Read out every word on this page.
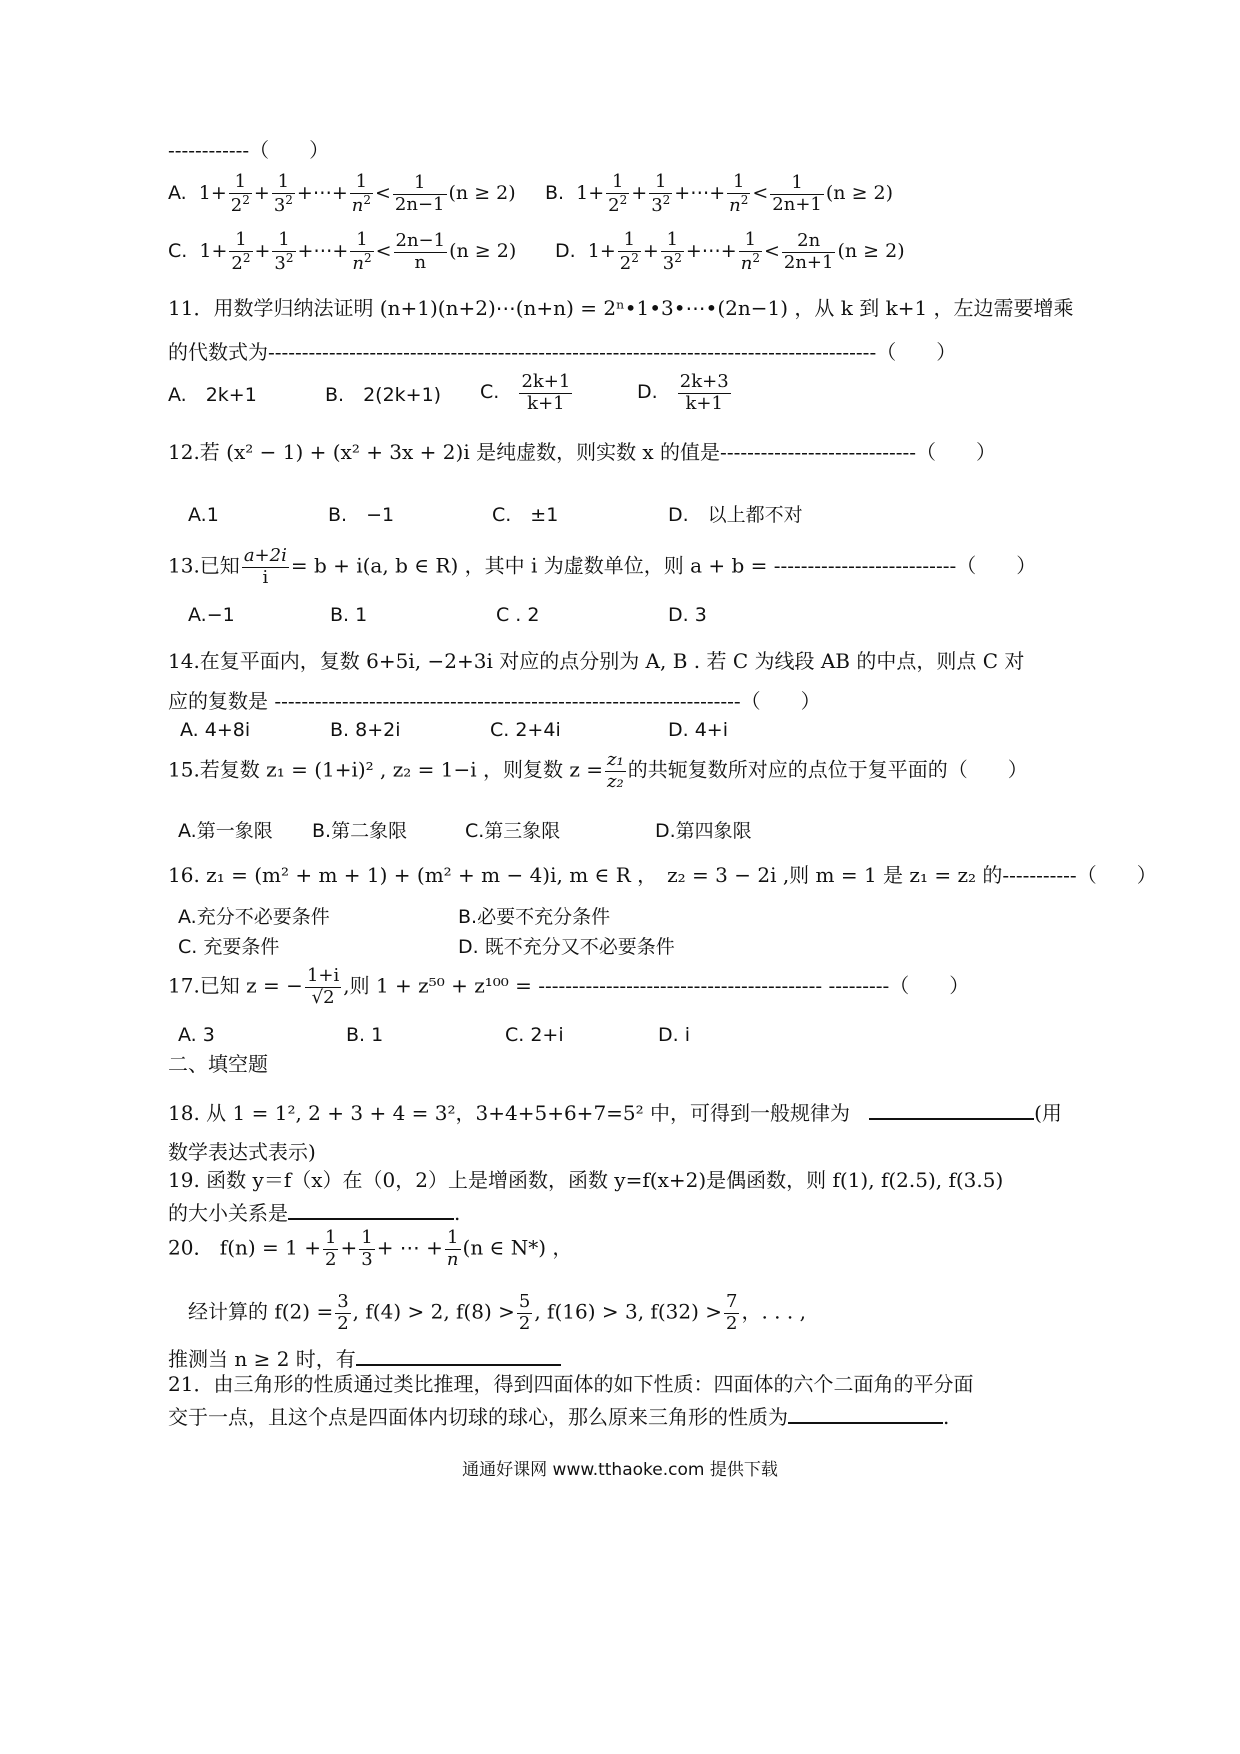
------------（　　）
A.  $1+ \frac{1}{2^2} + \frac{1}{3^2}$ +⋯+ $\frac{1}{n^2} < \frac{1}{2n-1} (n \ge 2)$ B.  $1+ \frac{1}{2^2} + \frac{1}{3^2}$ +⋯+ $\frac{1}{n^2} < \frac{1}{2n+1} (n \ge 2)$
C.  $1+ \frac{1}{2^2} + \frac{1}{3^2}$ +⋯+ $\frac{1}{n^2} < \frac{2n-1}{n} (n \ge 2)$ D.  $1+ \frac{1}{2^2} + \frac{1}{3^2}$ +⋯+ $\frac{1}{n^2} < \frac{2n}{2n+1} (n \ge 2)$
11．用数学归纳法证明 (n+1)(n+2)⋯(n+n) = 2ⁿ•1•3•⋯•(2n−1) ，从 k 到 k+1 ，左边需要增乘
的代数式为------------------------------------------------------------------------------------------（　　）
A.　2k+1	B.　2(2k+1) C. $\frac{2k+1}{k+1}$	D. $\frac{2k+3}{k+1}$
12.若 (x² − 1) + (x² + 3x + 2)i 是纯虚数，则实数 x 的值是-----------------------------（　　）
A.1	B.　−1	C.　±1	D.　以上都不对
13.已知 $\frac{a+2i}{i} = b + i(a$, b ∈ R) ，其中 i 为虚数单位，则 a + b = ---------------------------（　　）
A.−1	B. 1	C . 2	D. 3
14.在复平面内，复数 6+5i, −2+3i 对应的点分别为 A, B . 若 C 为线段 AB 的中点，则点 C 对
应的复数是 ---------------------------------------------------------------------（　　）
A. 4+8i	B. 8+2i	C. 2+4i	D. 4+i
15.若复数 z₁ = (1+i)² , z₂ = 1−i ，则复数 $z = \frac{\text{z₁}}{\text{z₂}}$ 的共轭复数所对应的点位于复平面的（　　）
A.第一象限 B.第二象限	C.第三象限	D.第四象限
16. z₁ = (m² + m + 1) + (m² + m − 4)i, m ∈ R ，　z₂ = 3 − 2i ,则 m = 1 是 z₁ = z₂ 的-----------（　　）
A.充分不必要条件	B.必要不充分条件
C. 充要条件	D. 既不充分又不必要条件
17.已知 z = − $\frac{1+i}{√2}$ ,则 1 + z⁵⁰ + z¹⁰⁰ = ------------------------------------------ ---------（　　）
A. 3	B. 1	C. 2+i	D. i
二、填空题
18. 从 1 = 1², 2 + 3 + 4 = 3²，3+4+5+6+7=5² 中，可得到一般规律为	(用
数学表达式表示)
19. 函数 y＝f（x）在（0，2）上是增函数，函数 y=f(x+2)是偶函数，则 f(1), f(2.5), f(3.5)
的大小关系是	.
20． $f(n) = 1 + \frac{1}{2} + \frac{1}{3}$ + ⋯ + $\frac{1}{n} (n$ ∈ N*) ，
经计算的 $f(2) = \frac{3}{2}$ , f(4) > 2, $f(8) > \frac{5}{2}$ , f(16) > 3, $f(32) > \frac{7}{2}$ ，. . . ,
推测当 n ≥ 2 时，有
21．由三角形的性质通过类比推理，得到四面体的如下性质：四面体的六个二面角的平分面
交于一点，且这个点是四面体内切球的球心，那么原来三角形的性质为	.
通通好课网 www.tthaoke.com 提供下载
